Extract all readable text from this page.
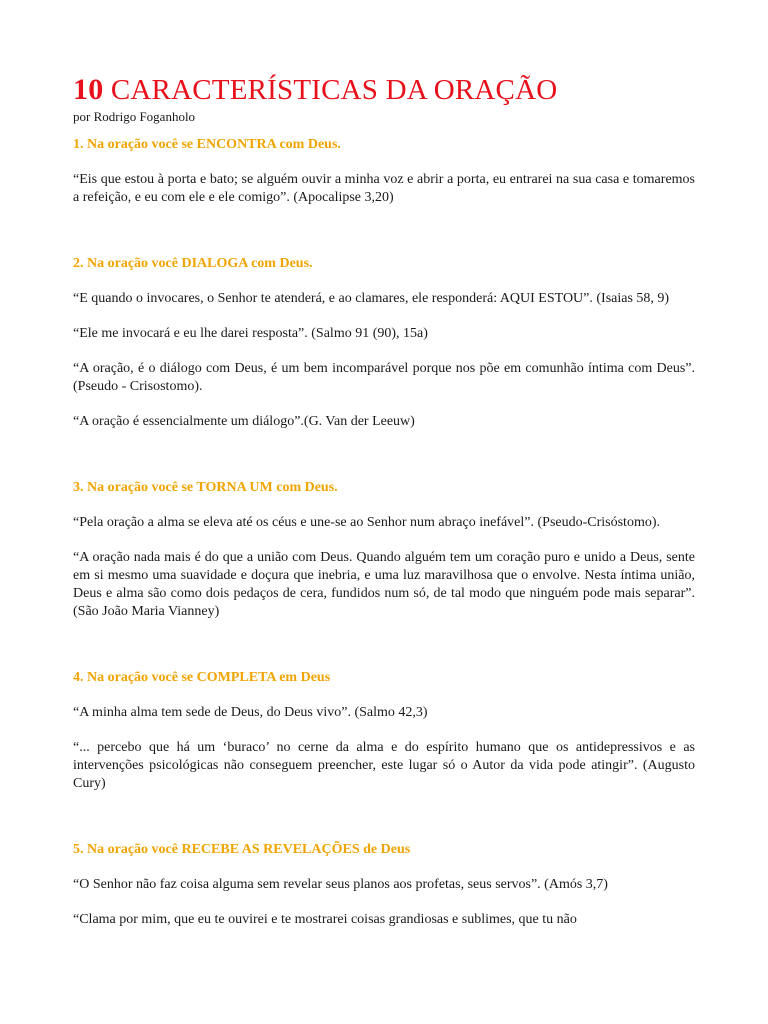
10 CARACTERÍSTICAS DA ORAÇÃO

por Rodrigo Foganholo

1. Na oração você se ENCONTRA com Deus.

“Eis que estou à porta e bato; se alguém ouvir a minha voz e abrir a porta, eu entrarei na sua casa e tomaremos a refeição, e eu com ele e ele comigo”. (Apocalipse 3,20)

2. Na oração você DIALOGA com Deus.

“E quando o invocares, o Senhor te atenderá, e ao clamares, ele responderá: AQUI ESTOU”. (Isaias 58, 9)

“Ele me invocará e eu lhe darei resposta”. (Salmo 91 (90), 15a)

“A oração, é o diálogo com Deus, é um bem incomparável porque nos põe em comunhão íntima com Deus”. (Pseudo - Crisostomo).

“A oração é essencialmente um diálogo”.(G. Van der Leeuw)

3. Na oração você se TORNA UM com Deus.

“Pela oração a alma se eleva até os céus e une-se ao Senhor num abraço inefável”. (Pseudo-Crisóstomo).

“A oração nada mais é do que a união com Deus. Quando alguém tem um coração puro e unido a Deus, sente em si mesmo uma suavidade e doçura que inebria, e uma luz maravilhosa que o envolve. Nesta íntima união, Deus e alma são como dois pedaços de cera, fundidos num só, de tal modo que ninguém pode mais separar”. (São João Maria Vianney)

4. Na oração você se COMPLETA em Deus

“A minha alma tem sede de Deus, do Deus vivo”. (Salmo 42,3)

“... percebo que há um ‘buraco’ no cerne da alma e do espírito humano que os antidepressivos e as intervenções psicológicas não conseguem preencher, este lugar só o Autor da vida pode atingir”. (Augusto Cury)

5. Na oração você RECEBE AS REVELAÇÕES de Deus

“O Senhor não faz coisa alguma sem revelar seus planos aos profetas, seus servos”. (Amós 3,7)

“Clama por mim, que eu te ouvirei e te mostrarei coisas grandiosas e sublimes, que tu não
